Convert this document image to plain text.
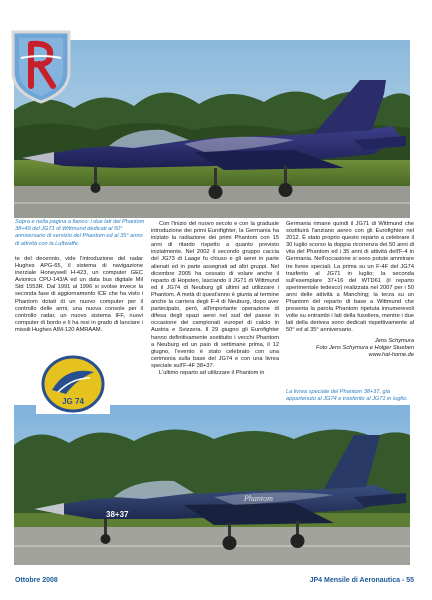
Sopra e nella pagina a fianco: i due lati del Phantom 38+49 del JG71 di Wittmund dedicati al 50° anniversario di servizio del Phantom ed al 35° anno di attività con la Luftwaffe.

te del decennio, vide l'introduzione del radar Hughes APG-65, il sistema di navigazione inerziale Honeywell H-423, un computer GEC Avionics CPU-143/A ed un data bus digitale Mil Std 1553R. Dal 1991 al 1996 si svolse invece la seconda fase di aggiornamento ICE che ha visto i Phantom dotati di un nuovo computer per il controllo delle armi, una nuova console per il controllo radar, un nuovo sistema IFF, nuovi computer di bordo e li ha resi in grado di lanciare i missili Hughes AIM-120 AMRAAM.

Con l'inizio del nuovo secolo e con la graduale introduzione dei primi Eurofighter, la Germania ha iniziato la radiazione dei primi Phantom con 15 anni di ritardo rispetto a quanto previsto inizialmente. Nel 2002 il secondo gruppo caccia del JG73 di Laage fu chiuso e gli aerei in parte alienati ed in parte assegnati ad altri gruppi. Nel dicembre 2005 ha cessato di volare anche il reparto di Hopsten, lasciando il JG71 di Wittmund ed il JG74 di Neuburg gli ultimi ad utilizzare i Phantom. A metà di quest'anno è giunta al termine anche la carriera degli F-4 di Neuburg, dopo aver partecipato, però, all'importante operazione di difesa degli spazi aerei nel sud del paese in occasione dei campionati europei di calcio in Austria e Svizzera. Il 29 giugno gli Eurofighter hanno definitivamente sostituito i vecchi Phantom a Neuburg ed un paio di settimane prima, il 12 giugno, l'evento è stato celebrato con una cerimonia sulla base del JG74 e con una livrea speciale sull'F-4F 38+37.

L'ultimo reparto ad utilizzare il Phantom in

Germania rimane quindi il JG71 di Wittmund che sostituirà l'anziano aereo con gli Eurofighter nel 2012. È stato proprio questo reparto a celebrare il 30 luglio scorso la doppia ricorrenza dei 50 anni di vita del Phantom ed i 35 anni di attività dell'F-4 in Germania. Nell'occasione si sono potute ammirare tre livree speciali. La prima su un F-4F del JG74 trasferito al JG71 in luglio; la seconda sull'esemplare 37+16 del WTD61 (il reparto sperimentale tedesco) realizzata nel 2007 per i 50 anni delle attività a Manching; la terza su un Phantom del reparto di base a Wittmund che presenta la parola Phantom ripetuta innumerevoli volte su entrambi i lati della fusoliera, mentre i due lati della derivea sono dedicati rispettivamente al 50° ed al 35° anniversario.

Jens Schymura

Foto Jens Schymura e Holger Stueben

www.hat-home.de

La livrea speciale del Phantom 38+37, già appartenuto al JG74 e trasferito al JG71 in luglio.

38+37
Phantom
JG 74
Ottobre 2008	JP4 Mensile di Aeronautica - 55
